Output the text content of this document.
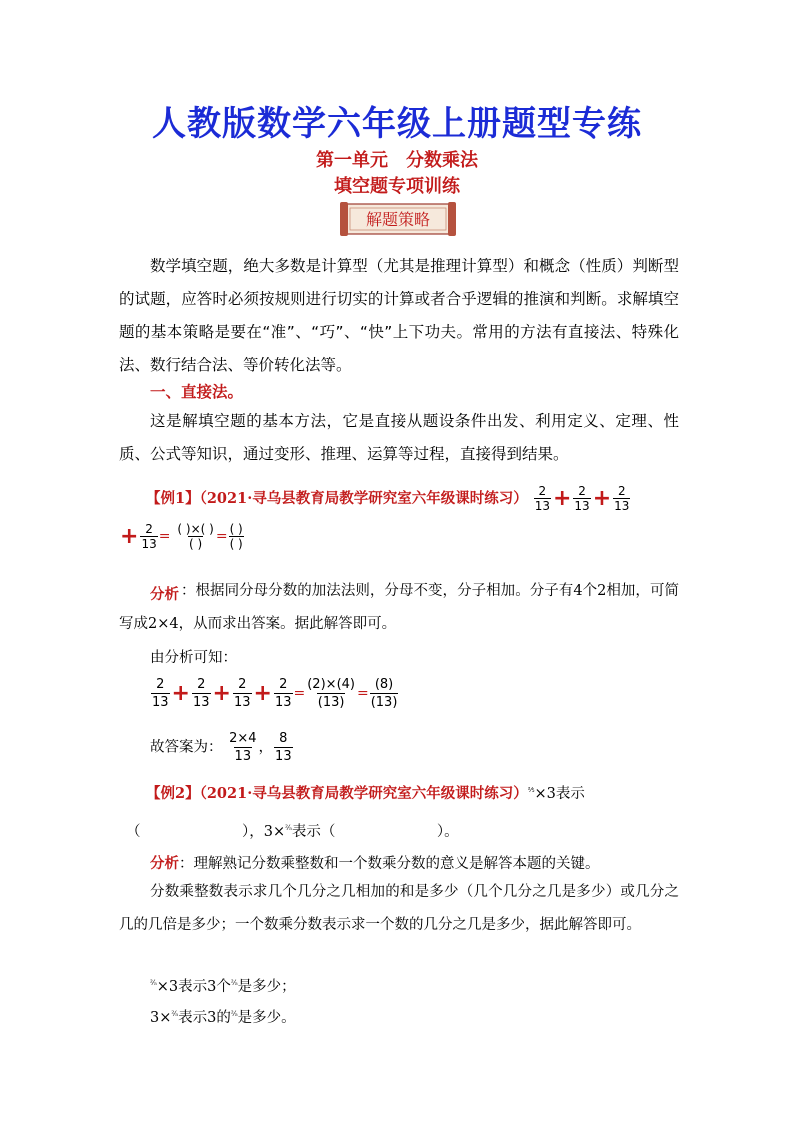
人教版数学六年级上册题型专练
第一单元　分数乘法
填空题专项训练
解题策略
数学填空题，绝大多数是计算型（尤其是推理计算型）和概念（性质）判断型的试题，应答时必须按规则进行切实的计算或者合乎逻辑的推演和判断。求解填空题的基本策略是要在“准”、“巧”、“快”上下功夫。常用的方法有直接法、特殊化法、数行结合法、等价转化法等。
一、直接法。
这是解填空题的基本方法，它是直接从题设条件出发、利用定义、定理、性质、公式等知识，通过变形、推理、运算等过程，直接得到结果。
【例1】（2021·寻乌县教育局教学研究室六年级课时练习） $\frac{2}{13} + \frac{2}{13} + \frac{2}{13}$
+ $\frac{2}{13} = \frac{( )\times( )}{( )} = \frac{( )}{( )}$
分析 ：根据同分母分数的加法法则，分母不变，分子相加。分子有4个2相加，可简写成2×4，从而求出答案。据此解答即可。
由分析可知：
$\frac{2}{13} + \frac{2}{13} + \frac{2}{13} + \frac{2}{13} = \frac{(2)\times(4)}{(13)} = \frac{(8)}{(13)}$
故答案为： $\frac{2\times 4}{13}$ ， $\frac{8}{13}$
【例2】（2021·寻乌县教育局教学研究室六年级课时练习）$^{^2⁄_5}$×3表示
（　　　　　　　），3×$^{^2⁄_5}$表示（　　　　　　　）。
分析：理解熟记分数乘整数和一个数乘分数的意义是解答本题的关键。
分数乘整数表示求几个几分之几相加的和是多少（几个几分之几是多少）或几分之几的几倍是多少；一个数乘分数表示求一个数的几分之几是多少，据此解答即可。
$^{^2⁄_5}$×3表示3个$^{^2⁄_5}$是多少；
3×$^{^2⁄_5}$表示3的$^{^2⁄_5}$是多少。
